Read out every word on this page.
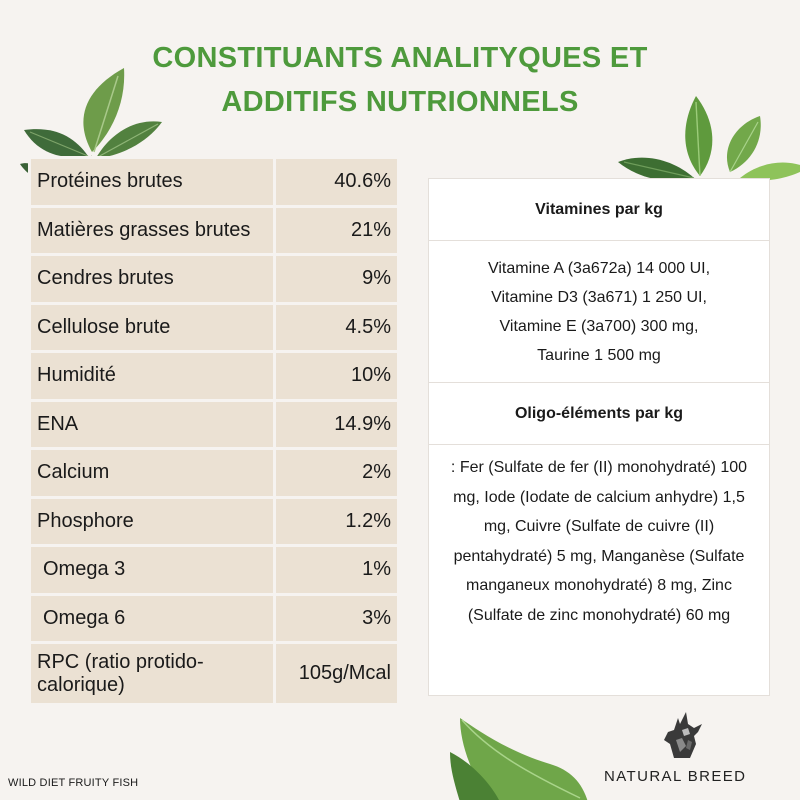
CONSTITUANTS ANALITYQUES ET
ADDITIFS NUTRIONNELS
Protéines brutes	40.6%
Matières grasses brutes	21%
Cendres brutes	9%
Cellulose brute	4.5%
Humidité	10%
ENA	14.9%
Calcium	2%
Phosphore	1.2%
Omega 3	1%
Omega 6	3%
RPC (ratio protido-calorique)	105g/Mcal
Vitamines par kg
Vitamine A (3a672a) 14 000 UI,
Vitamine D3 (3a671) 1 250 UI,
Vitamine E (3a700) 300 mg,
Taurine 1 500 mg
Oligo-éléments par kg
: Fer (Sulfate de fer (II) monohydraté) 100 mg, Iode (Iodate de calcium anhydre) 1,5 mg, Cuivre (Sulfate de cuivre (II) pentahydraté) 5 mg, Manganèse (Sulfate manganeux monohydraté) 8 mg, Zinc (Sulfate de zinc monohydraté) 60 mg
WILD DIET FRUITY FISH	NATURAL BREED
